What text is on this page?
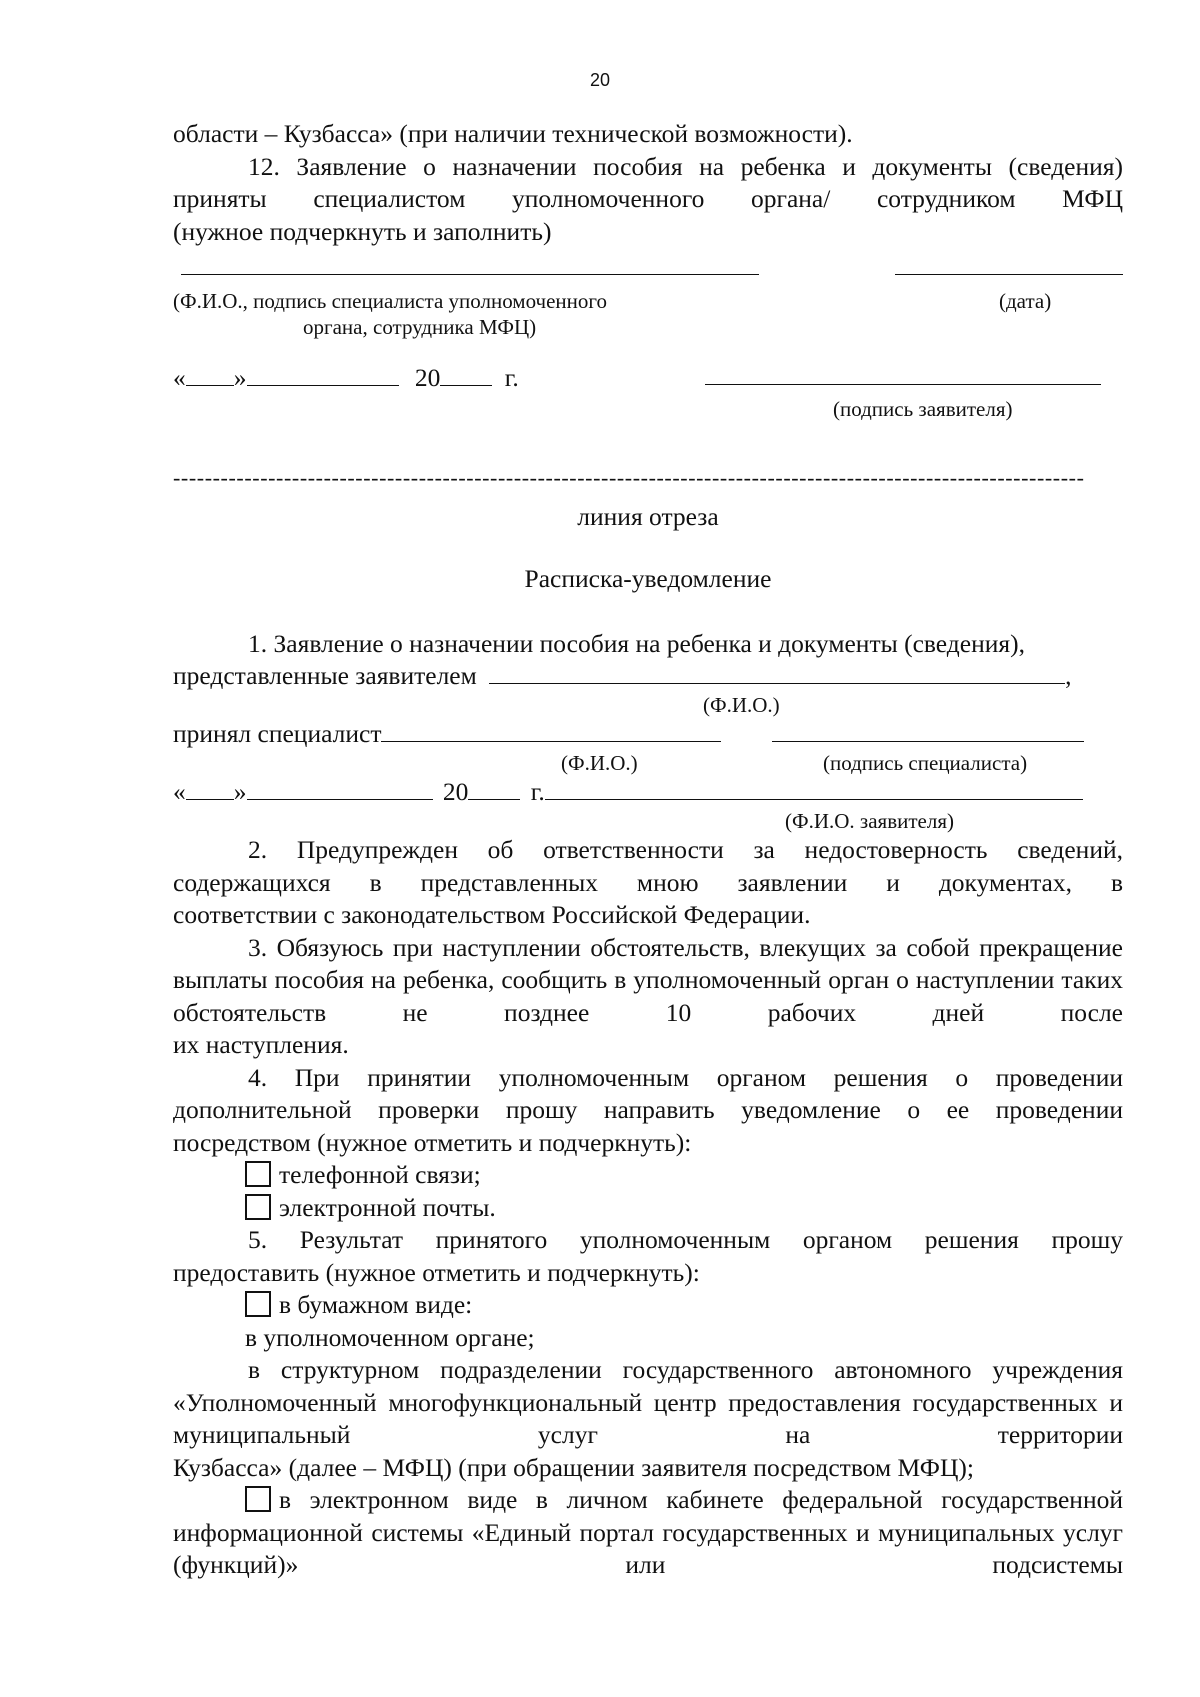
20

области – Кузбасса» (при наличии технической возможности).

12. Заявление о назначении пособия на ребенка и документы (сведения) приняты специалистом уполномоченного органа/ сотрудником МФЦ

(нужное подчеркнуть и заполнить)

(Ф.И.О., подпись специалиста уполномоченного
органа, сотрудника МФЦ)
(дата)
« »	20	г.
(подпись заявителя)
-------------------------------------------------------------------------------------------------------------------

линия отреза

Расписка-уведомление

1. Заявление о назначении пособия на ребенка и документы (сведения),

представленные заявителем	,
(Ф.И.О.)
принял специалист
(Ф.И.О.)	(подпись специалиста)
« »	20 г.
(Ф.И.О. заявителя)

2. Предупрежден об ответственности за недостоверность сведений, содержащихся в представленных мною заявлении и документах, в

соответствии с законодательством Российской Федерации.

3. Обязуюсь при наступлении обстоятельств, влекущих за собой прекращение выплаты пособия на ребенка, сообщить в уполномоченный орган о наступлении таких обстоятельств не позднее 10 рабочих дней после

их наступления.

4. При принятии уполномоченным органом решения о проведении дополнительной проверки прошу направить уведомление о ее проведении

посредством (нужное отметить и подчеркнуть):

телефонной связи;

электронной почты.

5. Результат принятого уполномоченным органом решения прошу

предоставить (нужное отметить и подчеркнуть):

в бумажном виде:

в уполномоченном органе;

в структурном подразделении государственного автономного учреждения «Уполномоченный многофункциональный центр предоставления государственных и муниципальный услуг на территории

Кузбасса» (далее – МФЦ) (при обращении заявителя посредством МФЦ);

в электронном виде в личном кабинете федеральной государственной информационной системы «Единый портал государственных и муниципальных услуг (функций)» или подсистемы
